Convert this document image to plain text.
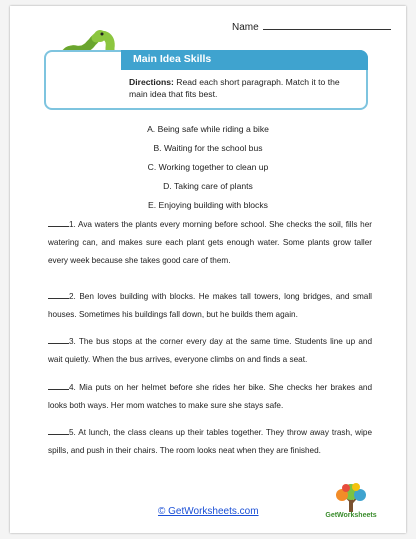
Name
Main Idea Skills
Directions: Read each short paragraph. Match it to the main idea that fits best.
A. Being safe while riding a bike
B. Waiting for the school bus
C. Working together to clean up
D. Taking care of plants
E. Enjoying building with blocks
1. Ava waters the plants every morning before school. She checks the soil, fills her watering can, and makes sure each plant gets enough water. Some plants grow taller every week because she takes good care of them.
2. Ben loves building with blocks. He makes tall towers, long bridges, and small houses. Sometimes his buildings fall down, but he builds them again.
3. The bus stops at the corner every day at the same time. Students line up and wait quietly. When the bus arrives, everyone climbs on and finds a seat.
4. Mia puts on her helmet before she rides her bike. She checks her brakes and looks both ways. Her mom watches to make sure she stays safe.
5. At lunch, the class cleans up their tables together. They throw away trash, wipe spills, and push in their chairs. The room looks neat when they are finished.
© GetWorksheets.com	GetWorksheets
